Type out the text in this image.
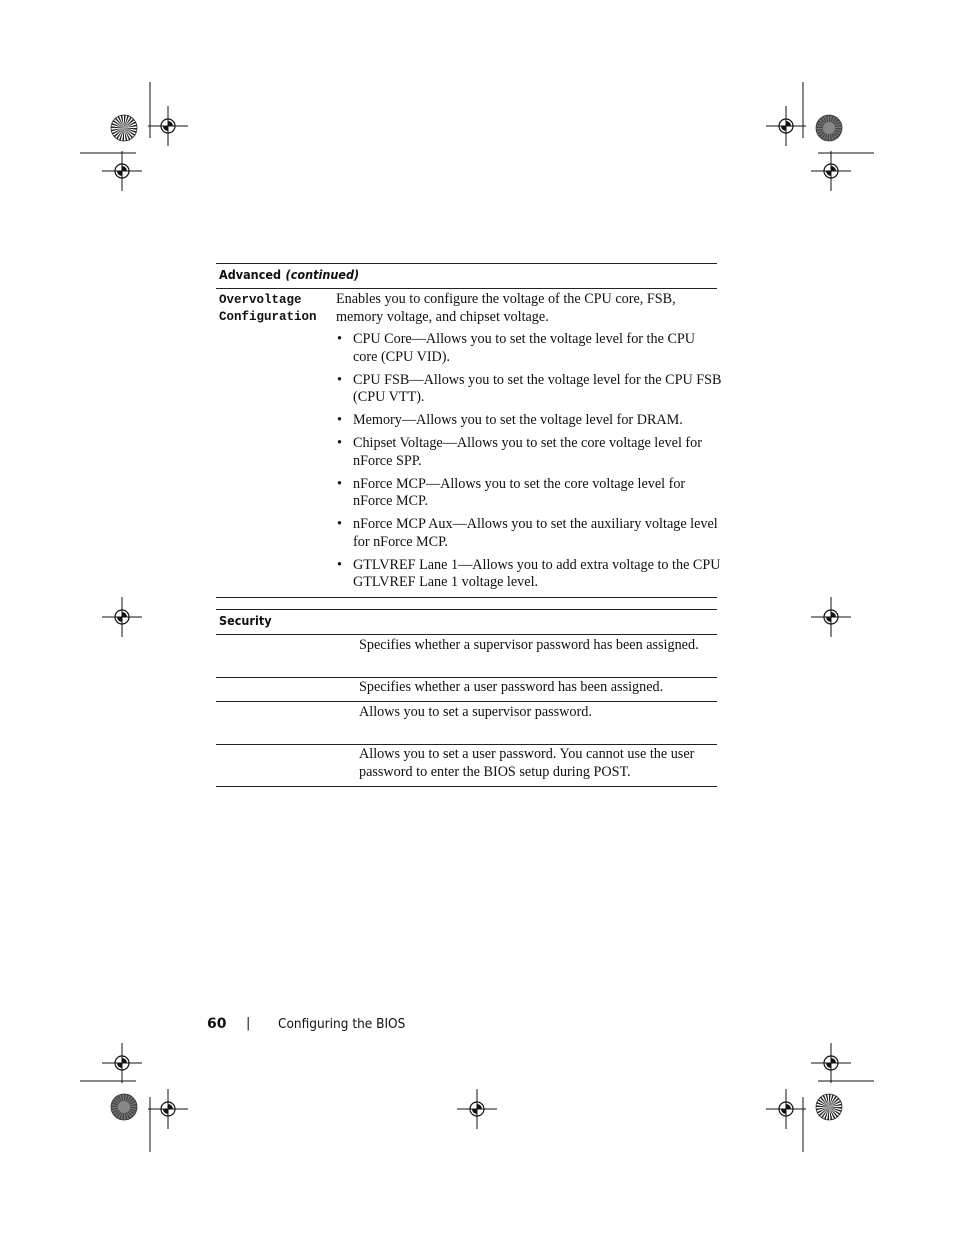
Advanced (continued)
Overvoltage
Configuration
Enables you to configure the voltage of the CPU core, FSB, memory voltage, and chipset voltage.
• CPU Core—Allows you to set the voltage level for the CPU core (CPU VID).
• CPU FSB—Allows you to set the voltage level for the CPU FSB (CPU VTT).
• Memory—Allows you to set the voltage level for DRAM.
• Chipset Voltage—Allows you to set the core voltage level for nForce SPP.
• nForce MCP—Allows you to set the core voltage level for nForce MCP.
• nForce MCP Aux—Allows you to set the auxiliary voltage level for nForce MCP.
• GTLVREF Lane 1—Allows you to add extra voltage to the CPU GTLVREF Lane 1 voltage level.
Security
Specifies whether a supervisor password has been assigned.
Specifies whether a user password has been assigned.
Allows you to set a supervisor password.
Allows you to set a user password. You cannot use the user password to enter the BIOS setup during POST.
60 | Configuring the BIOS
